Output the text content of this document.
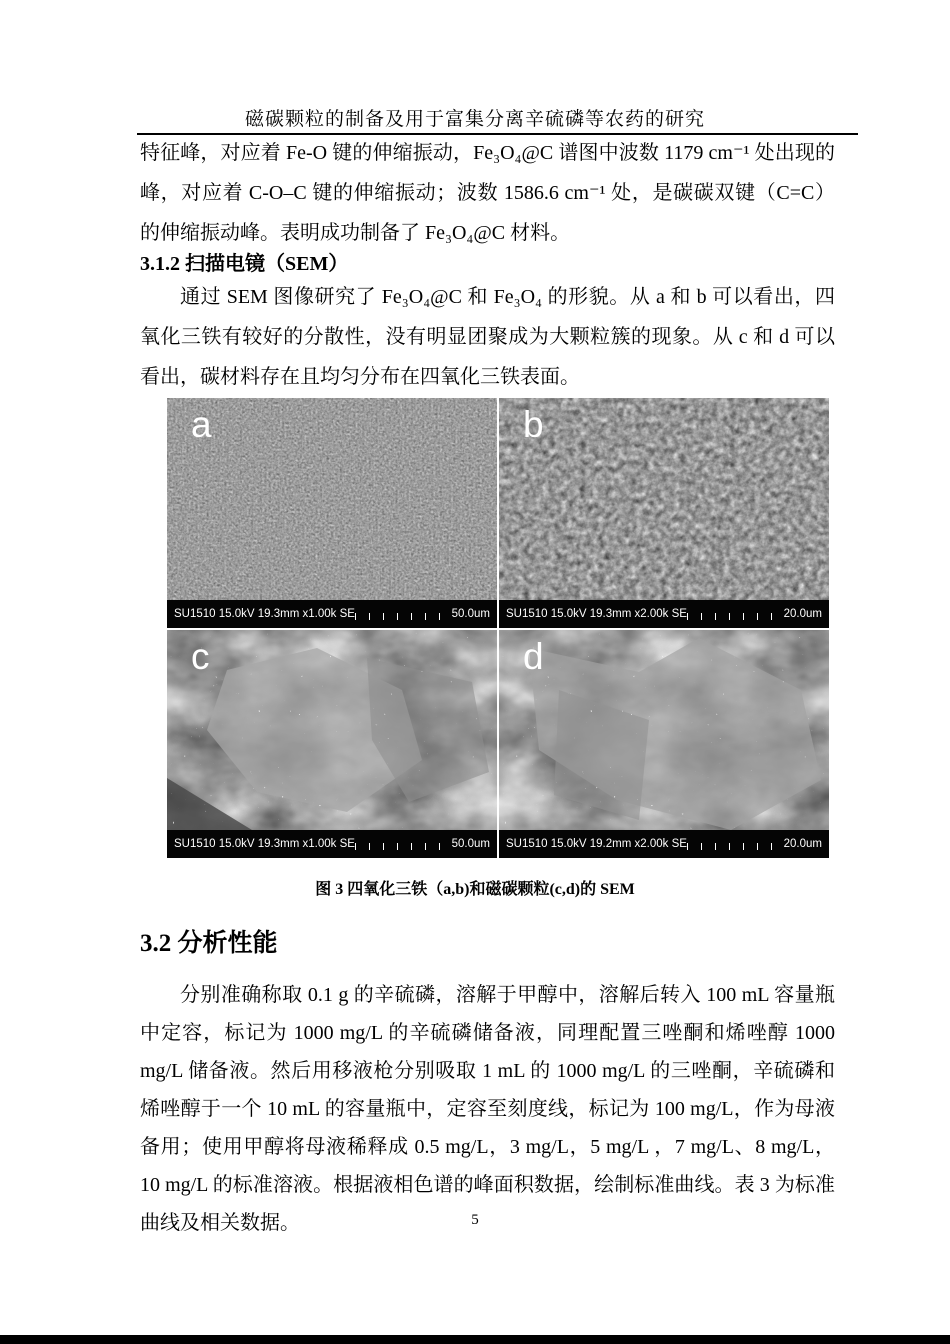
磁碳颗粒的制备及用于富集分离辛硫磷等农药的研究
特征峰，对应着 Fe-O 键的伸缩振动，Fe₃O₄@C 谱图中波数 1179 cm⁻¹ 处出现的峰，对应着 C-O–C 键的伸缩振动；波数 1586.6 cm⁻¹ 处，是碳碳双键（C=C）的伸缩振动峰。表明成功制备了 Fe₃O₄@C 材料。
3.1.2 扫描电镜（SEM）
通过 SEM 图像研究了 Fe₃O₄@C 和 Fe₃O₄ 的形貌。从 a 和 b 可以看出，四氧化三铁有较好的分散性，没有明显团聚成为大颗粒簇的现象。从 c 和 d 可以看出，碳材料存在且均匀分布在四氧化三铁表面。
a
SU1510 15.0kV 19.3mm x1.00k SE	50.0um
b
SU1510 15.0kV 19.3mm x2.00k SE	20.0um
c
SU1510 15.0kV 19.3mm x1.00k SE	50.0um
d
SU1510 15.0kV 19.2mm x2.00k SE	20.0um
图 3 四氧化三铁（a,b)和磁碳颗粒(c,d)的 SEM
3.2 分析性能
分别准确称取 0.1 g 的辛硫磷，溶解于甲醇中，溶解后转入 100 mL 容量瓶中定容，标记为 1000 mg/L 的辛硫磷储备液，同理配置三唑酮和烯唑醇 1000 mg/L 储备液。然后用移液枪分别吸取 1 mL 的 1000 mg/L 的三唑酮，辛硫磷和烯唑醇于一个 10 mL 的容量瓶中，定容至刻度线，标记为 100 mg/L，作为母液备用；使用甲醇将母液稀释成 0.5 mg/L，3 mg/L，5 mg/L ，7 mg/L、8 mg/L，10 mg/L 的标准溶液。根据液相色谱的峰面积数据，绘制标准曲线。表 3 为标准曲线及相关数据。	5
